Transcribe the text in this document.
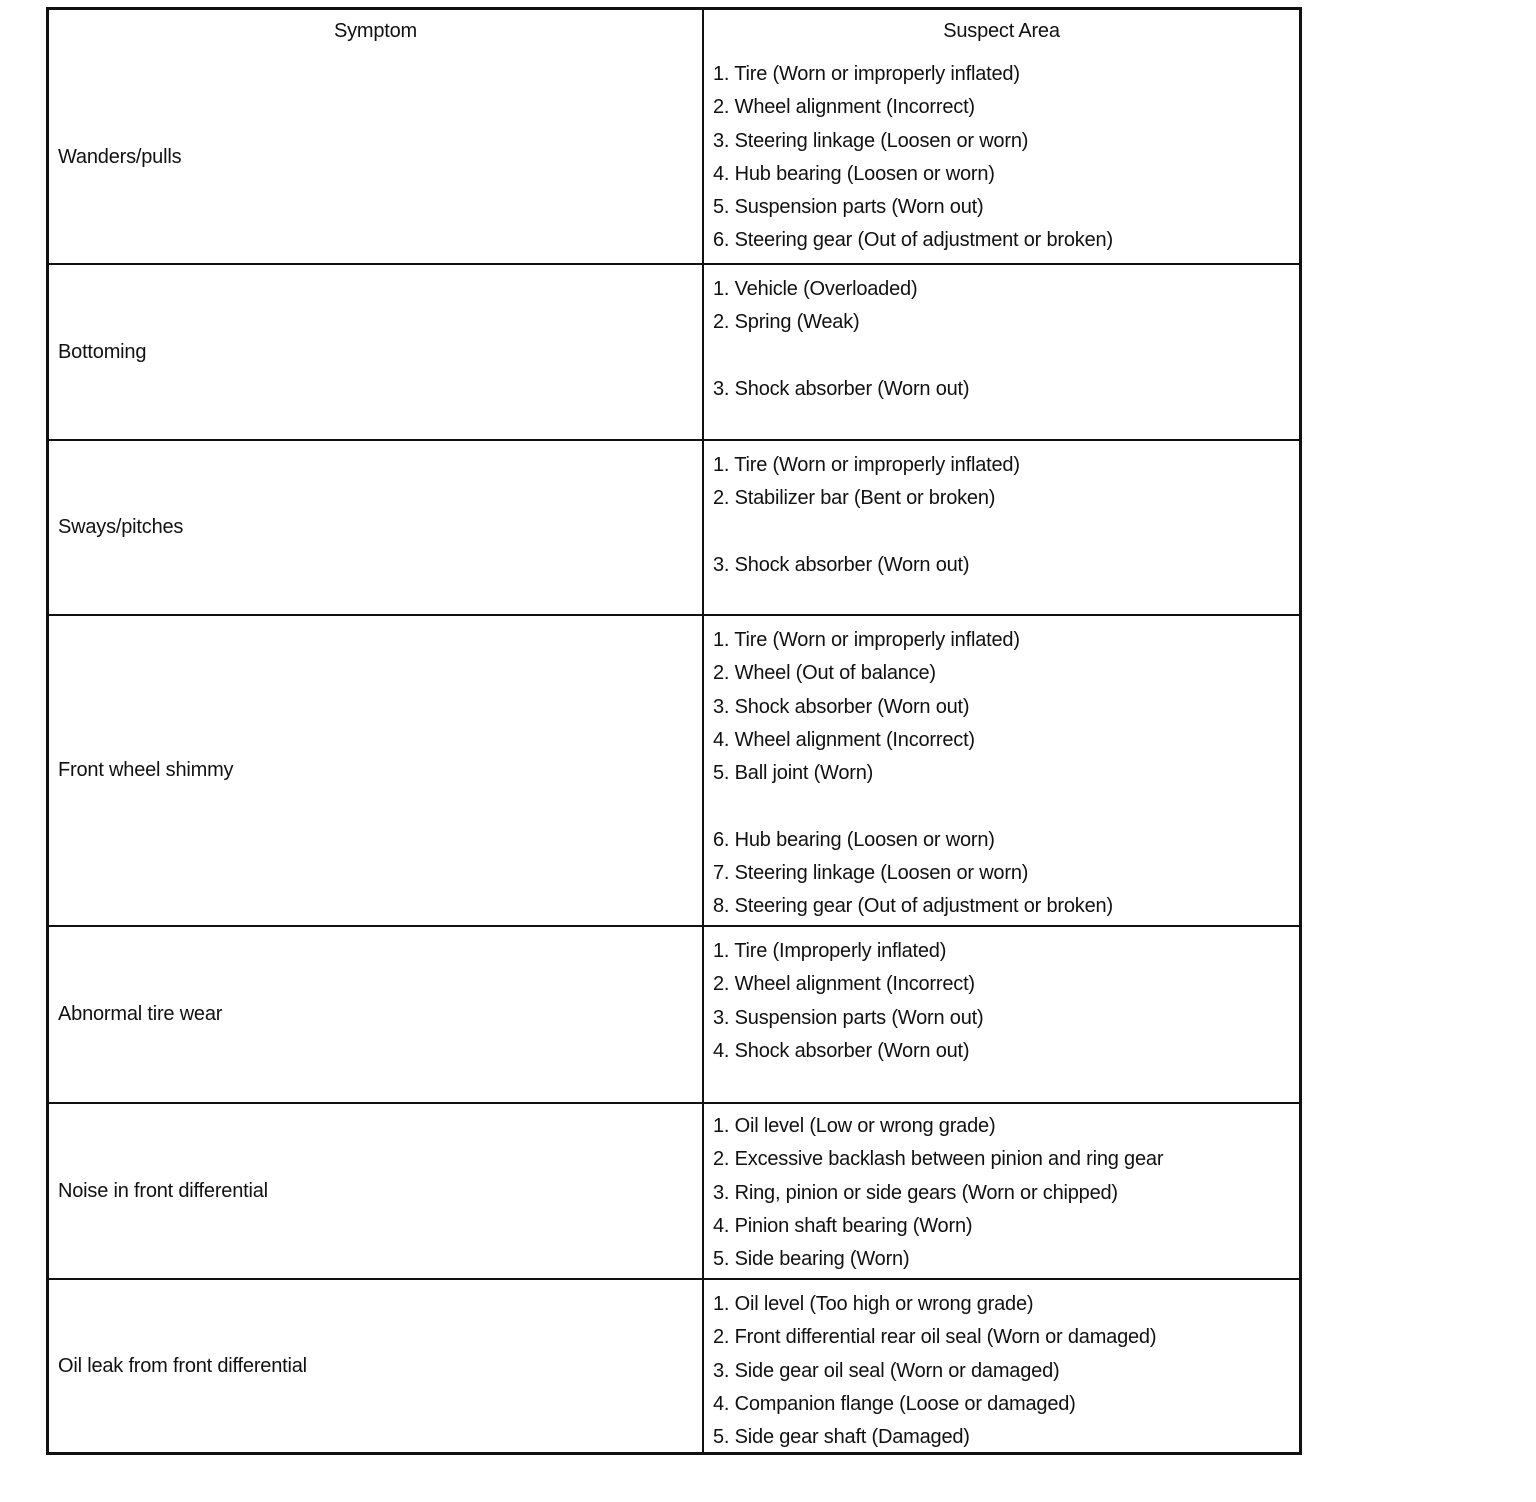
Symptom	Suspect Area
Wanders/pulls
1. Tire (Worn or improperly inflated)
2. Wheel alignment (Incorrect)
3. Steering linkage (Loosen or worn)
4. Hub bearing (Loosen or worn)
5. Suspension parts (Worn out)
6. Steering gear (Out of adjustment or broken)
Bottoming
1. Vehicle (Overloaded)
2. Spring (Weak)
3. Shock absorber (Worn out)
Sways/pitches
1. Tire (Worn or improperly inflated)
2. Stabilizer bar (Bent or broken)
3. Shock absorber (Worn out)
Front wheel shimmy
1. Tire (Worn or improperly inflated)
2. Wheel (Out of balance)
3. Shock absorber (Worn out)
4. Wheel alignment (Incorrect)
5. Ball joint (Worn)
6. Hub bearing (Loosen or worn)
7. Steering linkage (Loosen or worn)
8. Steering gear (Out of adjustment or broken)
Abnormal tire wear
1. Tire (Improperly inflated)
2. Wheel alignment (Incorrect)
3. Suspension parts (Worn out)
4. Shock absorber (Worn out)
Noise in front differential
1. Oil level (Low or wrong grade)
2. Excessive backlash between pinion and ring gear
3. Ring, pinion or side gears (Worn or chipped)
4. Pinion shaft bearing (Worn)
5. Side bearing (Worn)
Oil leak from front differential
1. Oil level (Too high or wrong grade)
2. Front differential rear oil seal (Worn or damaged)
3. Side gear oil seal (Worn or damaged)
4. Companion flange (Loose or damaged)
5. Side gear shaft (Damaged)
